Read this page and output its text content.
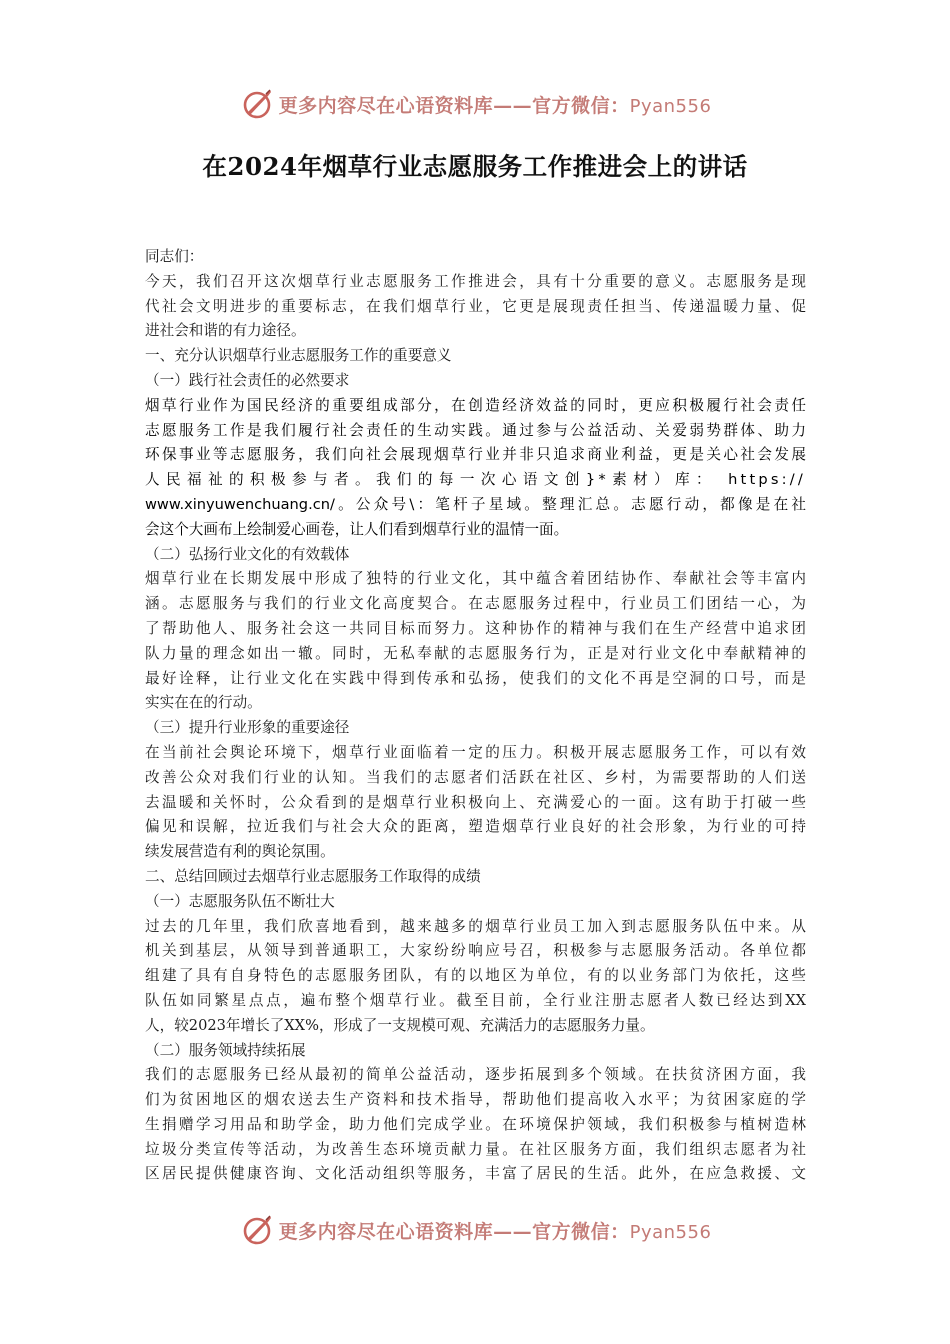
更多内容尽在心语资料库——官方微信：Pyan556
在2024年烟草行业志愿服务工作推进会上的讲话
同志们：
今天，我们召开这次烟草行业志愿服务工作推进会，具有十分重要的意义。志愿服务是现
代社会文明进步的重要标志，在我们烟草行业，它更是展现责任担当、传递温暖力量、促
进社会和谐的有力途径。
一、充分认识烟草行业志愿服务工作的重要意义
（一）践行社会责任的必然要求
烟草行业作为国民经济的重要组成部分，在创造经济效益的同时，更应积极履行社会责任
志愿服务工作是我们履行社会责任的生动实践。通过参与公益活动、关爱弱势群体、助力
环保事业等志愿服务，我们向社会展现烟草行业并非只追求商业利益，更是关心社会发展
人民福祉的积极参与者。我们的每一次心语文创}*素材）库： https://
www.xinyuwenchuang.cn/。公众号\：笔杆子星域。整理汇总。志愿行动，都像是在社
会这个大画布上绘制爱心画卷，让人们看到烟草行业的温情一面。
（二）弘扬行业文化的有效载体
烟草行业在长期发展中形成了独特的行业文化，其中蕴含着团结协作、奉献社会等丰富内
涵。志愿服务与我们的行业文化高度契合。在志愿服务过程中，行业员工们团结一心，为
了帮助他人、服务社会这一共同目标而努力。这种协作的精神与我们在生产经营中追求团
队力量的理念如出一辙。同时，无私奉献的志愿服务行为，正是对行业文化中奉献精神的
最好诠释，让行业文化在实践中得到传承和弘扬，使我们的文化不再是空洞的口号，而是
实实在在的行动。
（三）提升行业形象的重要途径
在当前社会舆论环境下，烟草行业面临着一定的压力。积极开展志愿服务工作，可以有效
改善公众对我们行业的认知。当我们的志愿者们活跃在社区、乡村，为需要帮助的人们送
去温暖和关怀时，公众看到的是烟草行业积极向上、充满爱心的一面。这有助于打破一些
偏见和误解，拉近我们与社会大众的距离，塑造烟草行业良好的社会形象，为行业的可持
续发展营造有利的舆论氛围。
二、总结回顾过去烟草行业志愿服务工作取得的成绩
（一）志愿服务队伍不断壮大
过去的几年里，我们欣喜地看到，越来越多的烟草行业员工加入到志愿服务队伍中来。从
机关到基层，从领导到普通职工，大家纷纷响应号召，积极参与志愿服务活动。各单位都
组建了具有自身特色的志愿服务团队，有的以地区为单位，有的以业务部门为依托，这些
队伍如同繁星点点，遍布整个烟草行业。截至目前，全行业注册志愿者人数已经达到XX
人，较2023年增长了XX%，形成了一支规模可观、充满活力的志愿服务力量。
（二）服务领域持续拓展
我们的志愿服务已经从最初的简单公益活动，逐步拓展到多个领域。在扶贫济困方面，我
们为贫困地区的烟农送去生产资料和技术指导，帮助他们提高收入水平；为贫困家庭的学
生捐赠学习用品和助学金，助力他们完成学业。在环境保护领域，我们积极参与植树造林
垃圾分类宣传等活动，为改善生态环境贡献力量。在社区服务方面，我们组织志愿者为社
区居民提供健康咨询、文化活动组织等服务，丰富了居民的生活。此外，在应急救援、文
更多内容尽在心语资料库——官方微信：Pyan556
